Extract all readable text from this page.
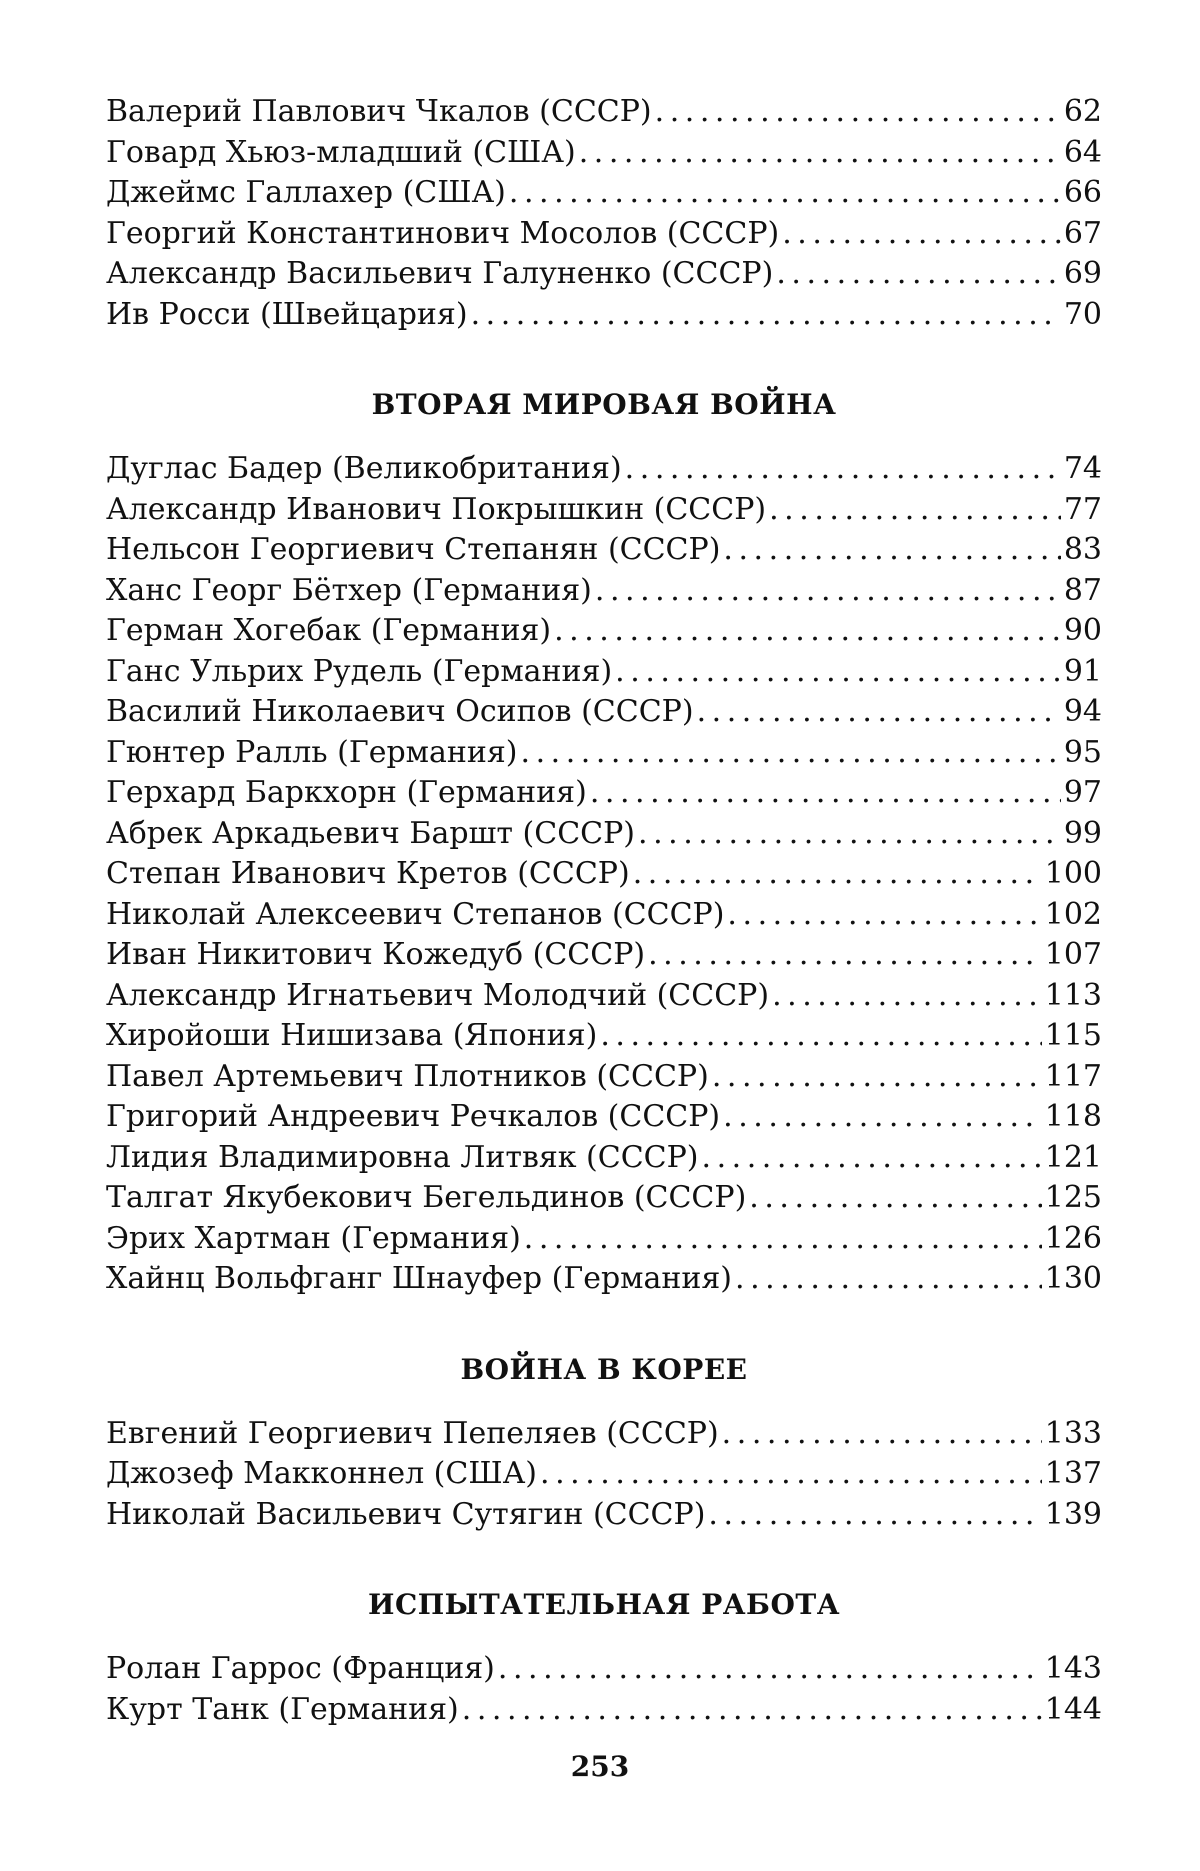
Валерий Павлович Чкалов (СССР) . . .	62
Говард Хьюз-младший (США) . . .	64
Джеймс Галлахер (США) . . .	66
Георгий Константинович Мосолов (СССР) . . .	67
Александр Васильевич Галуненко (СССР) . . .	69
Ив Росси (Швейцария) . . .	70
ВТОРАЯ МИРОВАЯ ВОЙНА
Дуглас Бадер (Великобритания) . . .	74
Александр Иванович Покрышкин (СССР) . . .	77
Нельсон Георгиевич Степанян (СССР) . . .	83
Ханс Георг Бётхер (Германия) . . .	87
Герман Хогебак (Германия) . . .	90
Ганс Ульрих Рудель (Германия) . . .	91
Василий Николаевич Осипов (СССР) . . .	94
Гюнтер Ралль (Германия) . . .	95
Герхард Баркхорн (Германия) . . .	97
Абрек Аркадьевич Баршт (СССР) . . .	99
Степан Иванович Кретов (СССР) . . .	100
Николай Алексеевич Степанов (СССР) . . .	102
Иван Никитович Кожедуб (СССР) . . .	107
Александр Игнатьевич Молодчий (СССР) . . .	113
Хиройоши Нишизава (Япония) . . .	115
Павел Артемьевич Плотников (СССР) . . .	117
Григорий Андреевич Речкалов (СССР) . . .	118
Лидия Владимировна Литвяк (СССР) . . .	121
Талгат Якубекович Бегельдинов (СССР) . . .	125
Эрих Хартман (Германия) . . .	126
Хайнц Вольфганг Шнауфер (Германия) . . .	130
ВОЙНА В КОРЕЕ
Евгений Георгиевич Пепеляев (СССР) . . .	133
Джозеф Макконнел (США) . . .	137
Николай Васильевич Сутягин (СССР) . . .	139
ИСПЫТАТЕЛЬНАЯ РАБОТА
Ролан Гаррос (Франция) . . .	143
Курт Танк (Германия) . . .	144
253
